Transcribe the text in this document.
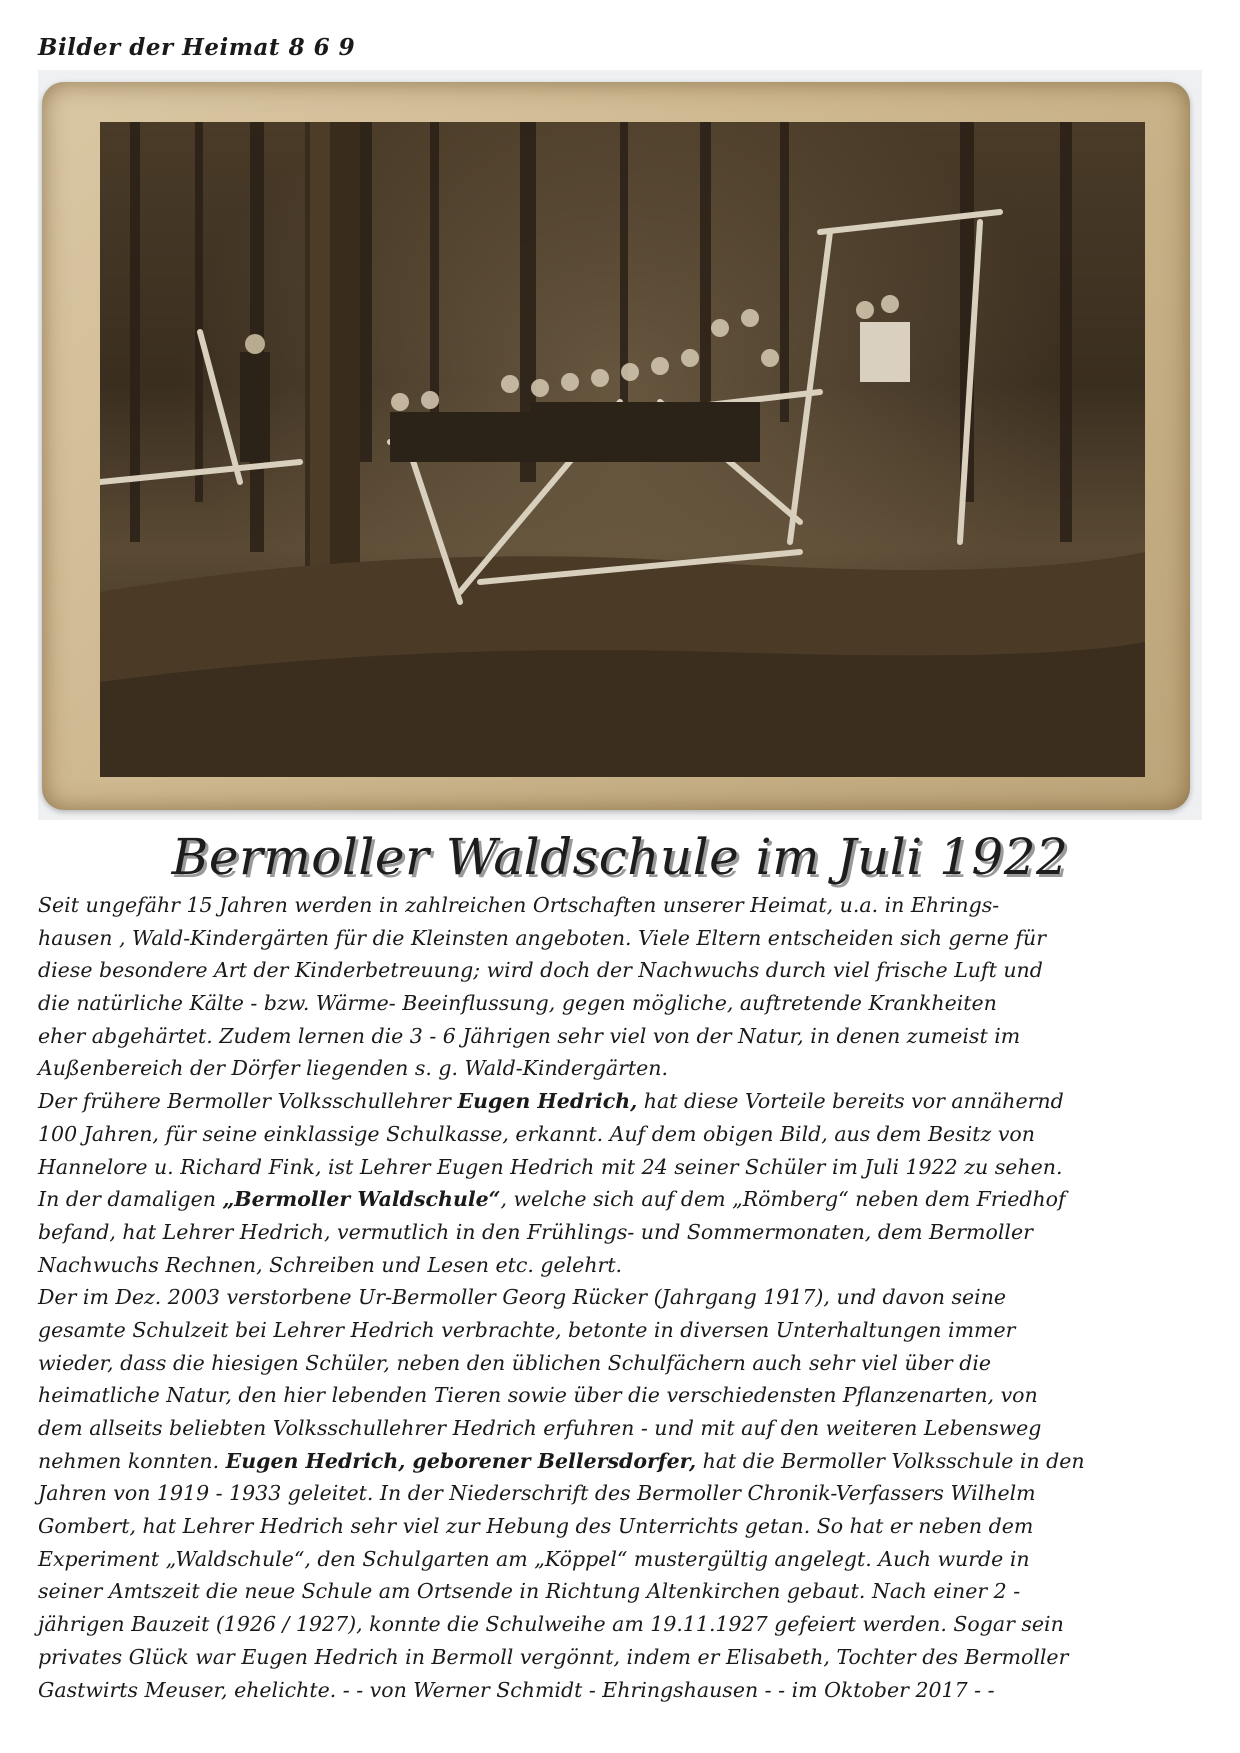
Bilder der Heimat 8 6 9
Bermoller Waldschule im Juli 1922
Seit ungefähr 15 Jahren werden in zahlreichen Ortschaften unserer Heimat, u.a. in Ehrings-
hausen , Wald-Kindergärten für die Kleinsten angeboten. Viele Eltern entscheiden sich gerne für
diese besondere Art der Kinderbetreuung; wird doch der Nachwuchs durch viel frische Luft und
die natürliche Kälte - bzw. Wärme- Beeinflussung, gegen mögliche, auftretende Krankheiten
eher abgehärtet. Zudem lernen die 3 - 6 Jährigen sehr viel von der Natur, in denen zumeist im
Außenbereich der Dörfer liegenden s. g. Wald-Kindergärten.
Der frühere Bermoller Volksschullehrer Eugen Hedrich, hat diese Vorteile bereits vor annähernd
100 Jahren, für seine einklassige Schulkasse, erkannt. Auf dem obigen Bild, aus dem Besitz von
Hannelore u. Richard Fink, ist Lehrer Eugen Hedrich mit 24 seiner Schüler im Juli 1922 zu sehen.
In der damaligen „Bermoller Waldschule“, welche sich auf dem „Römberg“ neben dem Friedhof
befand, hat Lehrer Hedrich, vermutlich in den Frühlings- und Sommermonaten, dem Bermoller
Nachwuchs Rechnen, Schreiben und Lesen etc. gelehrt.
Der im Dez. 2003 verstorbene Ur-Bermoller Georg Rücker (Jahrgang 1917), und davon seine
gesamte Schulzeit bei Lehrer Hedrich verbrachte, betonte in diversen Unterhaltungen immer
wieder, dass die hiesigen Schüler, neben den üblichen Schulfächern auch sehr viel über die
heimatliche Natur, den hier lebenden Tieren sowie über die verschiedensten Pflanzenarten, von
dem allseits beliebten Volksschullehrer Hedrich erfuhren - und mit auf den weiteren Lebensweg
nehmen konnten. Eugen Hedrich, geborener Bellersdorfer, hat die Bermoller Volksschule in den
Jahren von 1919 - 1933 geleitet. In der Niederschrift des Bermoller Chronik-Verfassers Wilhelm
Gombert, hat Lehrer Hedrich sehr viel zur Hebung des Unterrichts getan. So hat er neben dem
Experiment „Waldschule“, den Schulgarten am „Köppel“ mustergültig angelegt. Auch wurde in
seiner Amtszeit die neue Schule am Ortsende in Richtung Altenkirchen gebaut. Nach einer 2 -
jährigen Bauzeit (1926 / 1927), konnte die Schulweihe am 19.11.1927 gefeiert werden. Sogar sein
privates Glück war Eugen Hedrich in Bermoll vergönnt, indem er Elisabeth, Tochter des Bermoller
Gastwirts Meuser, ehelichte. - - von Werner Schmidt - Ehringshausen - - im Oktober 2017 - -
